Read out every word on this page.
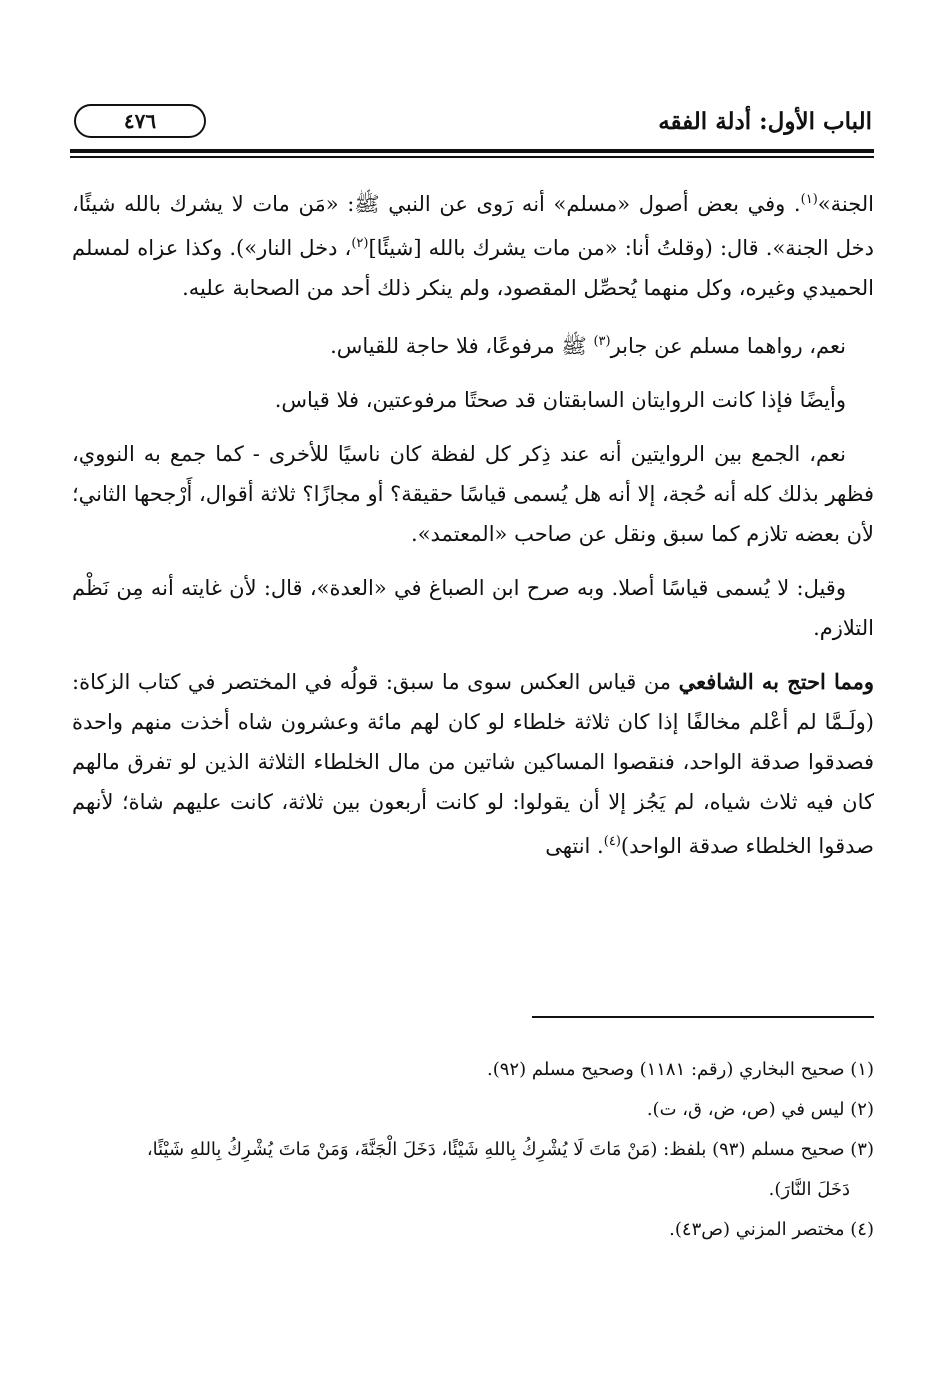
الباب الأول: أدلة الفقه
٤٧٦

الجنة»$^{(١)}$. وفي بعض أصول «مسلم» أنه رَوى عن النبي ﷺ: «مَن مات لا يشرك بالله شيئًا، دخل الجنة». قال: (وقلتُ أنا: «من مات يشرك بالله [شيئًا]$^{(٢)}$، دخل النار»). وكذا عزاه لمسلم الحميدي وغيره، وكل منهما يُحصِّل المقصود، ولم ينكر ذلك أحد من الصحابة عليه.

نعم، رواهما مسلم عن جابر$^{(٣)}$ ﷺ مرفوعًا، فلا حاجة للقياس.

وأيضًا فإذا كانت الروايتان السابقتان قد صحتًا مرفوعتين، فلا قياس.

نعم، الجمع بين الروايتين أنه عند ذِكر كل لفظة كان ناسيًا للأخرى - كما جمع به النووي، فظهر بذلك كله أنه حُجة، إلا أنه هل يُسمى قياسًا حقيقة؟ أو مجازًا؟ ثلاثة أقوال، أَرْجحها الثاني؛ لأن بعضه تلازم كما سبق ونقل عن صاحب «المعتمد».

وقيل: لا يُسمى قياسًا أصلا. وبه صرح ابن الصباغ في «العدة»، قال: لأن غايته أنه مِن نَظْم التلازم.

ومما احتج به الشافعي من قياس العكس سوى ما سبق: قولُه في المختصر في كتاب الزكاة: (ولَـمَّا لم أعْلم مخالفًا إذا كان ثلاثة خلطاء لو كان لهم مائة وعشرون شاه أخذت منهم واحدة فصدقوا صدقة الواحد، فنقصوا المساكين شاتين من مال الخلطاء الثلاثة الذين لو تفرق مالهم كان فيه ثلاث شياه، لم يَجُز إلا أن يقولوا: لو كانت أربعون بين ثلاثة، كانت عليهم شاة؛ لأنهم صدقوا الخلطاء صدقة الواحد)$^{(٤)}$. انتهى

(١) صحيح البخاري (رقم: ١١٨١) وصحيح مسلم (٩٢).

(٢) ليس في (ص، ض، ق، ت).

(٣) صحيح مسلم (٩٣) بلفظ: (مَنْ مَاتَ لَا يُشْرِكُ بِاللهِ شَيْئًا، دَخَلَ الْجَنَّةَ، وَمَنْ مَاتَ يُشْرِكُ بِاللهِ شَيْئًا،

دَخَلَ النَّارَ).

(٤) مختصر المزني (ص٤٣).
